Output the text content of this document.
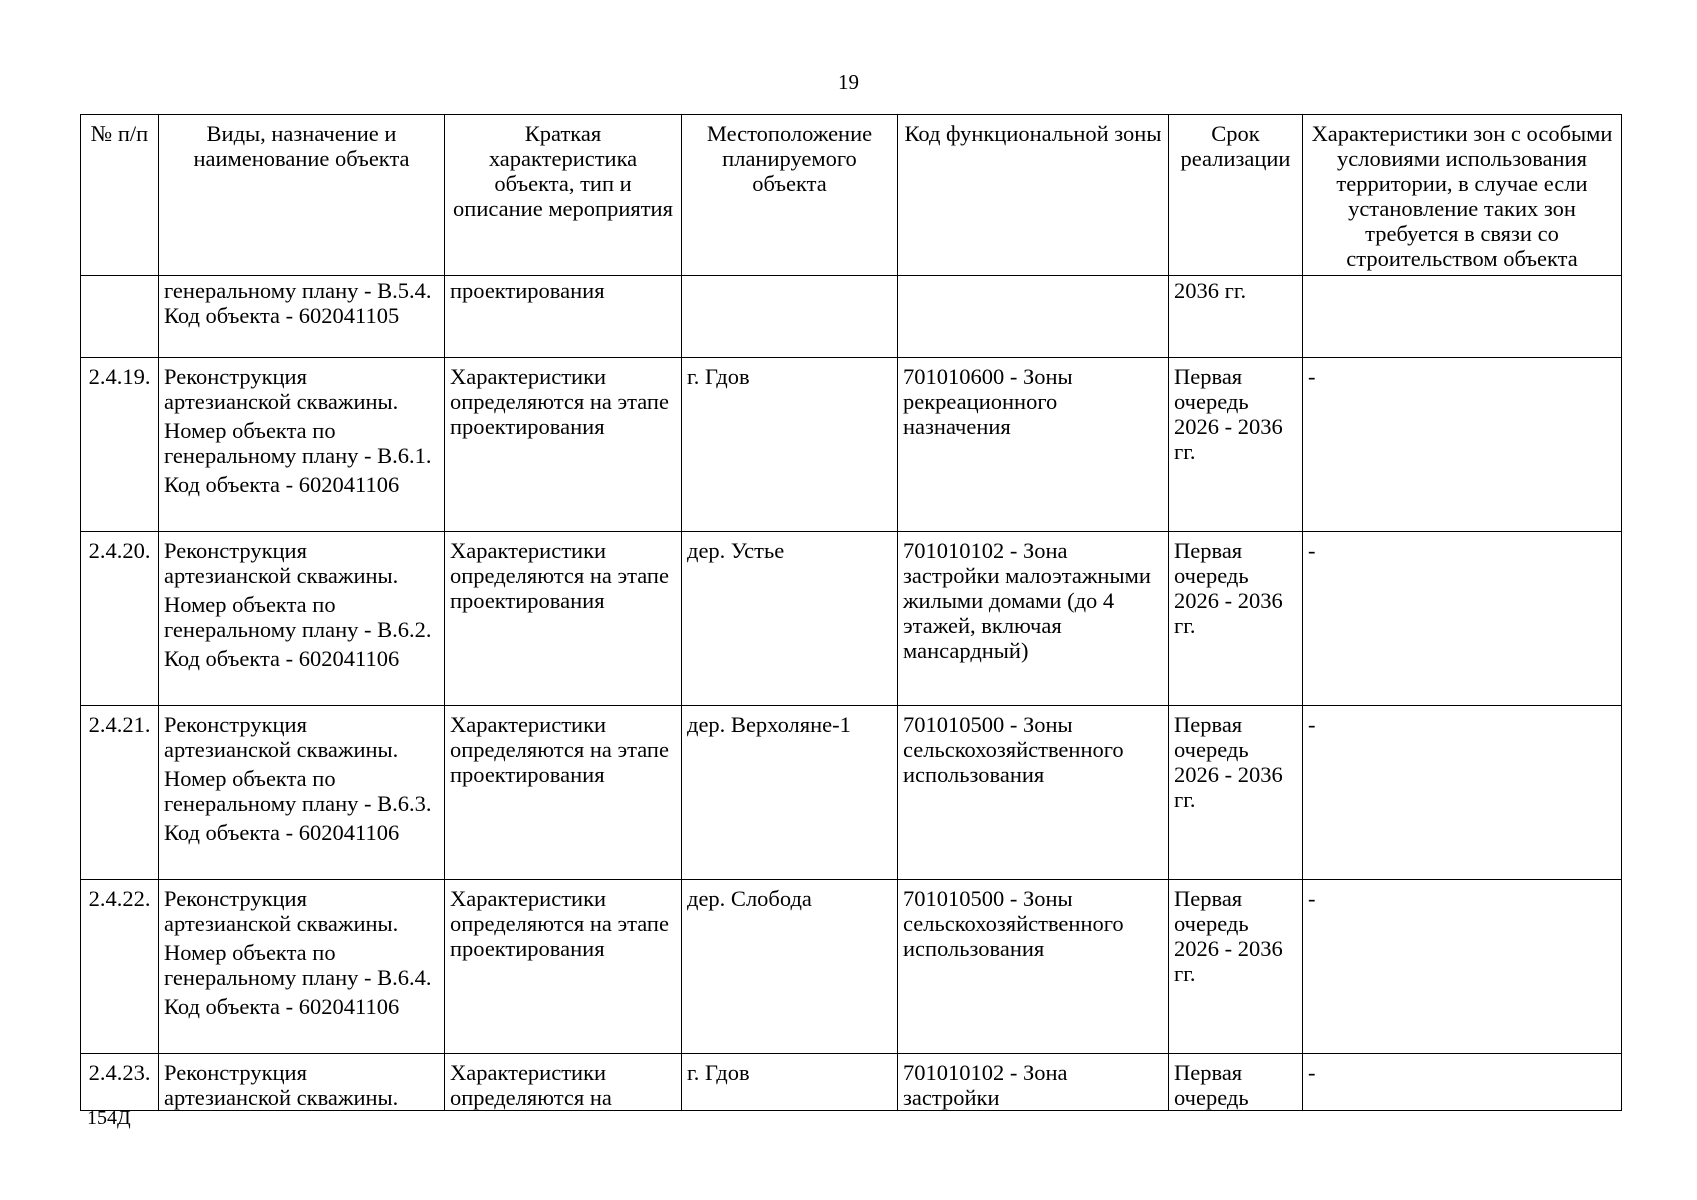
19
№ п/п	Виды, назначение и наименование объекта	Краткая характеристика объекта, тип и описание мероприятия	Местоположение планируемого объекта	Код функциональной зоны	Срок реализации	Характеристики зон с особыми условиями использования территории, в случае если установление таких зон требуется в связи со строительством объекта

	генеральному плану - В.5.4.
Код объекта - 602041105	проектирования			2036 гг.	
2.4.19.	Реконструкция артезианской скважины.
Номер объекта по генеральному плану - В.6.1.
Код объекта - 602041106	Характеристики определяются на этапе проектирования	г. Гдов	701010600 - Зоны рекреационного назначения	Первая очередь 2026 - 2036 гг.	-
2.4.20.	Реконструкция артезианской скважины.
Номер объекта по генеральному плану - В.6.2.
Код объекта - 602041106	Характеристики определяются на этапе проектирования	дер. Устье	701010102 - Зона застройки малоэтажными жилыми домами (до 4 этажей, включая мансардный)	Первая очередь 2026 - 2036 гг.	-
2.4.21.	Реконструкция артезианской скважины.
Номер объекта по генеральному плану - В.6.3.
Код объекта - 602041106	Характеристики определяются на этапе проектирования	дер. Верхоляне-1	701010500 - Зоны сельскохозяйственного использования	Первая очередь 2026 - 2036 гг.	-
2.4.22.	Реконструкция артезианской скважины.
Номер объекта по генеральному плану - В.6.4.
Код объекта - 602041106	Характеристики определяются на этапе проектирования	дер. Слобода	701010500 - Зоны сельскохозяйственного использования	Первая очередь 2026 - 2036 гг.	-
2.4.23.	Реконструкция артезианской скважины.	Характеристики определяются на	г. Гдов	701010102 - Зона застройки	Первая очередь	-
154Д
